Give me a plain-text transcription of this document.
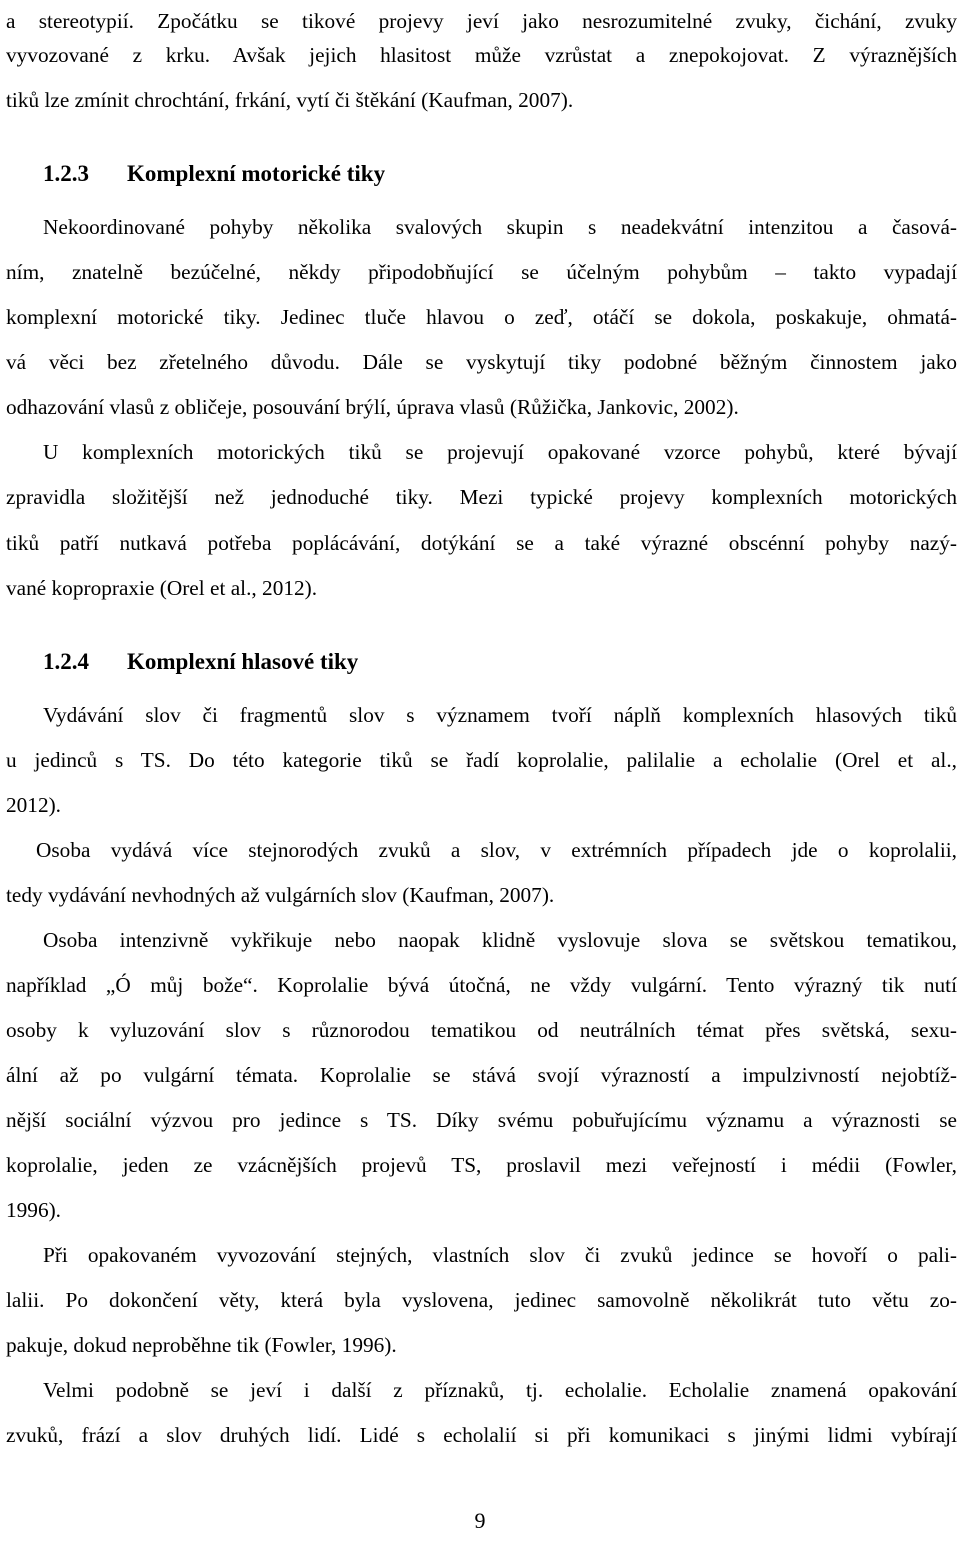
a stereotypií. Zpočátku se tikové projevy jeví jako nesrozumitelné zvuky, čichání, zvuky
vyvozované z krku. Avšak jejich hlasitost může vzrůstat a znepokojovat. Z výraznějších
tiků lze zmínit chrochtání, frkání, vytí či štěkání (Kaufman, 2007).
1.2.3 Komplexní motorické tiky
Nekoordinované pohyby několika svalových skupin s neadekvátní intenzitou a časová-
ním, znatelně bezúčelné, někdy připodobňující se účelným pohybům – takto vypadají
komplexní motorické tiky. Jedinec tluče hlavou o zeď, otáčí se dokola, poskakuje, ohmatá-
vá věci bez zřetelného důvodu. Dále se vyskytují tiky podobné běžným činnostem jako
odhazování vlasů z obličeje, posouvání brýlí, úprava vlasů (Růžička, Jankovic, 2002).
U komplexních motorických tiků se projevují opakované vzorce pohybů, které bývají
zpravidla složitější než jednoduché tiky. Mezi typické projevy komplexních motorických
tiků patří nutkavá potřeba poplácávání, dotýkání se a také výrazné obscénní pohyby nazý-
vané kopropraxie (Orel et al., 2012).
1.2.4 Komplexní hlasové tiky
Vydávání slov či fragmentů slov s významem tvoří náplň komplexních hlasových tiků
u jedinců s TS. Do této kategorie tiků se řadí koprolalie, palilalie a echolalie (Orel et al.,
2012).
Osoba vydává více stejnorodých zvuků a slov, v extrémních případech jde o koprolalii,
tedy vydávání nevhodných až vulgárních slov (Kaufman, 2007).
Osoba intenzivně vykřikuje nebo naopak klidně vyslovuje slova se světskou tematikou,
například „Ó můj bože“. Koprolalie bývá útočná, ne vždy vulgární. Tento výrazný tik nutí
osoby k vyluzování slov s různorodou tematikou od neutrálních témat přes světská, sexu-
ální až po vulgární témata. Koprolalie se stává svojí výrazností a impulzivností nejobtíž-
nější sociální výzvou pro jedince s TS. Díky svému pobuřujícímu významu a výraznosti se
koprolalie, jeden ze vzácnějších projevů TS, proslavil mezi veřejností i médii (Fowler,
1996).
Při opakovaném vyvozování stejných, vlastních slov či zvuků jedince se hovoří o pali-
lalii. Po dokončení věty, která byla vyslovena, jedinec samovolně několikrát tuto větu zo-
pakuje, dokud neproběhne tik (Fowler, 1996).
Velmi podobně se jeví i další z příznaků, tj. echolalie. Echolalie znamená opakování
zvuků, frází a slov druhých lidí. Lidé s echolalií si při komunikaci s jinými lidmi vybírají
9
